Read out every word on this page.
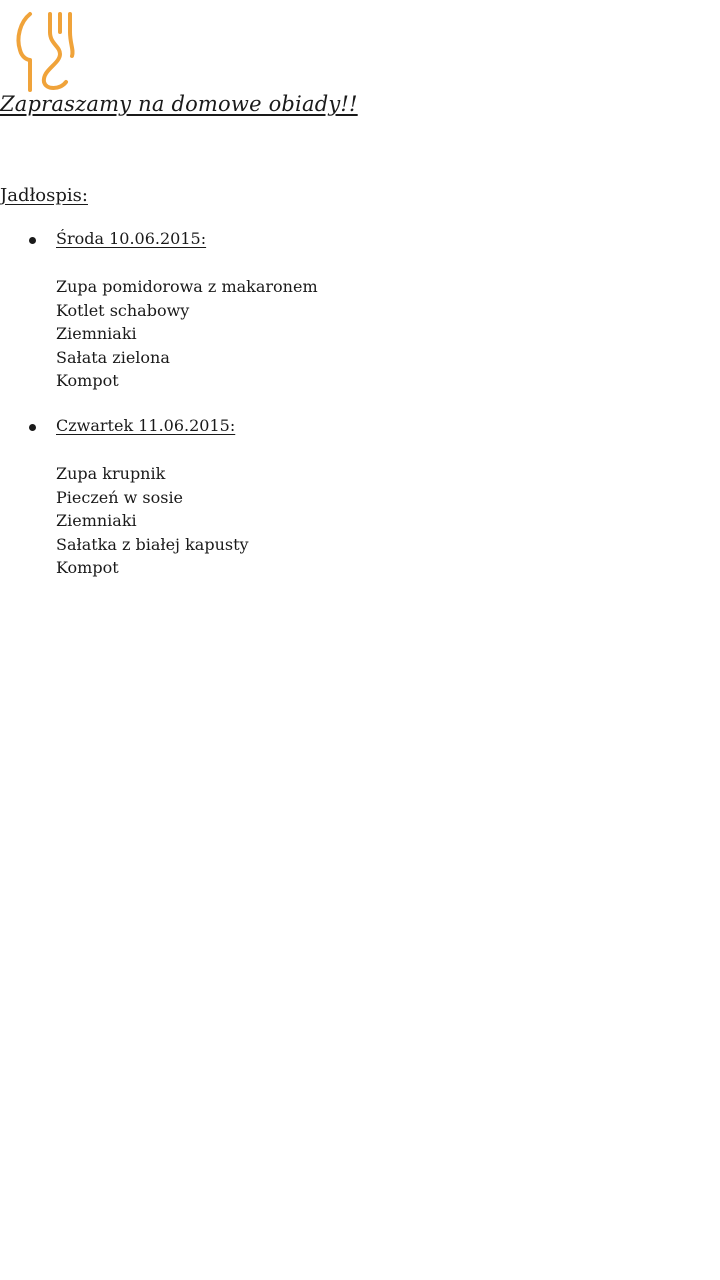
Zapraszamy na domowe obiady!!
Jadłospis:
Środa 10.06.2015:
Zupa pomidorowa z makaronem
Kotlet schabowy
Ziemniaki
Sałata zielona
Kompot
Czwartek 11.06.2015:
Zupa krupnik
Pieczeń w sosie
Ziemniaki
Sałatka z białej kapusty
Kompot
